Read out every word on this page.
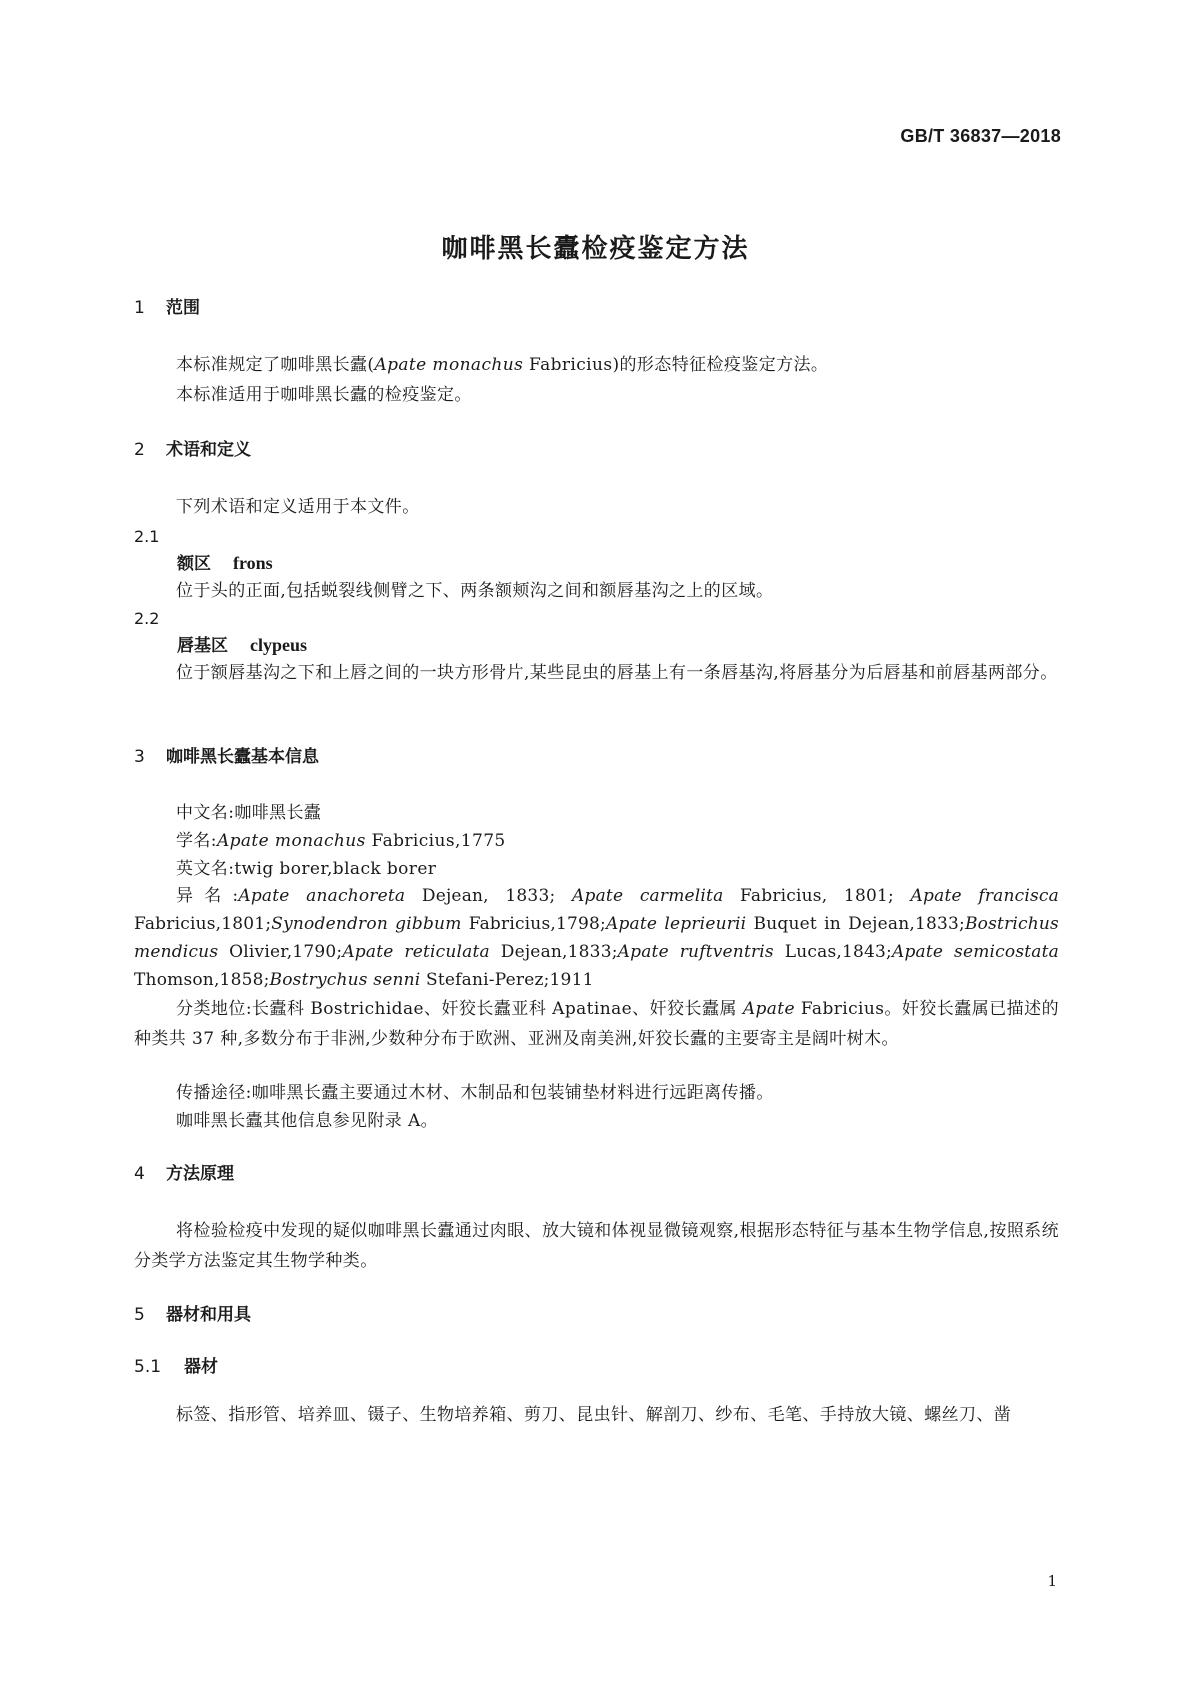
GB/T 36837—2018
咖啡黑长蠹检疫鉴定方法
1 范围
本标准规定了咖啡黑长蠹(Apate monachus Fabricius)的形态特征检疫鉴定方法。
本标准适用于咖啡黑长蠹的检疫鉴定。
2 术语和定义
下列术语和定义适用于本文件。
2.1
额区 frons
位于头的正面,包括蜕裂线侧臂之下、两条额颊沟之间和额唇基沟之上的区域。
2.2
唇基区 clypeus
位于额唇基沟之下和上唇之间的一块方形骨片,某些昆虫的唇基上有一条唇基沟,将唇基分为后唇基和前唇基两部分。
3 咖啡黑长蠹基本信息
中文名:咖啡黑长蠹
学名:Apate monachus Fabricius,1775
英文名:twig borer,black borer
异名:Apate anachoreta Dejean, 1833; Apate carmelita Fabricius, 1801; Apate francisca Fabricius,1801;Synodendron gibbum Fabricius,1798;Apate leprieurii Buquet in Dejean,1833;Bostrichus mendicus Olivier,1790;Apate reticulata Dejean,1833;Apate ruftventris Lucas,1843;Apate semicostata Thomson,1858;Bostrychus senni Stefani-Perez;1911
分类地位:长蠹科 Bostrichidae、奸狡长蠹亚科 Apatinae、奸狡长蠹属 Apate Fabricius。奸狡长蠹属已描述的种类共 37 种,多数分布于非洲,少数种分布于欧洲、亚洲及南美洲,奸狡长蠹的主要寄主是阔叶树木。
传播途径:咖啡黑长蠹主要通过木材、木制品和包装铺垫材料进行远距离传播。
咖啡黑长蠹其他信息参见附录 A。
4 方法原理
将检验检疫中发现的疑似咖啡黑长蠹通过肉眼、放大镜和体视显微镜观察,根据形态特征与基本生物学信息,按照系统分类学方法鉴定其生物学种类。
5 器材和用具
5.1 器材
标签、指形管、培养皿、镊子、生物培养箱、剪刀、昆虫针、解剖刀、纱布、毛笔、手持放大镜、螺丝刀、凿
1
